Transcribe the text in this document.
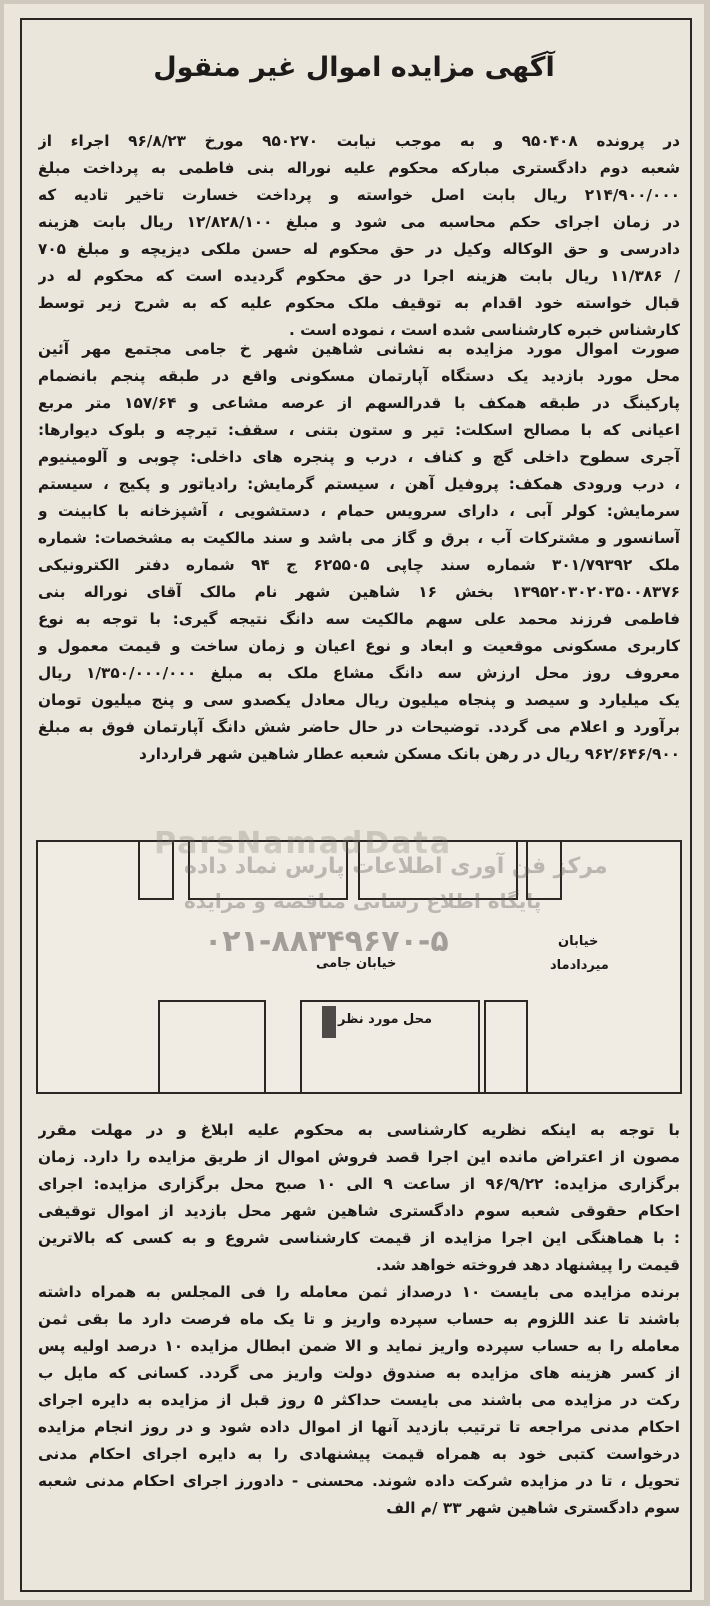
آگهی مزایده اموال غیر منقول
در پرونده ۹۵۰۴۰۸ و به موجب نیابت ۹۵۰۲۷۰ مورخ ۹۶/۸/۲۳ اجراء از
شعبه دوم دادگستری مبارکه محکوم علیه نوراله بنی فاطمی به پرداخت مبلغ
۲۱۴/۹۰۰/۰۰۰ ریال بابت اصل خواسته و پرداخت خسارت تاخیر تادیه که
در زمان اجرای حکم محاسبه می شود و مبلغ ۱۲/۸۲۸/۱۰۰ ریال بابت هزینه
دادرسی و حق الوکاله وکیل در حق محکوم له حسن ملکی دیزیچه و مبلغ ۷۰۵
/ ۱۱/۳۸۶ ریال بابت هزینه اجرا در حق محکوم گردیده است که محکوم له در
قبال خواسته خود اقدام به توقیف ملک محکوم علیه که به شرح زیر توسط
کارشناس خبره کارشناسی شده است ، نموده است .
صورت اموال مورد مزایده به نشانی شاهین شهر خ جامی مجتمع مهر آئین
محل مورد بازدید یک دستگاه آپارتمان مسکونی واقع در طبقه پنجم بانضمام
پارکینگ در طبقه همکف با قدرالسهم از عرصه مشاعی و ۱۵۷/۶۴ متر مربع
اعیانی که با مصالح اسکلت: تیر و ستون بتنی ، سقف: تیرچه و بلوک دیوارها:
آجری سطوح داخلی گچ و کناف ، درب و پنجره های داخلی: چوبی و آلومینیوم
، درب ورودی همکف: پروفیل آهن ، سیستم گرمایش: رادیاتور و پکیج ، سیستم
سرمایش: کولر آبی ، دارای سرویس حمام ، دستشویی ، آشپزخانه با کابینت و
آسانسور و مشترکات آب ، برق و گاز می باشد و سند مالکیت به مشخصات: شماره
ملک ۳۰۱/۷۹۳۹۲ شماره سند چاپی ۶۲۵۵۰۵ ج ۹۴ شماره دفتر الکترونیکی
۱۳۹۵۲۰۳۰۲۰۳۵۰۰۸۳۷۶ بخش ۱۶ شاهین شهر نام مالک آقای نوراله بنی
فاطمی فرزند محمد علی سهم مالکیت سه دانگ نتیجه گیری: با توجه به نوع
کاربری مسکونی موقعیت و ابعاد و نوع اعیان و زمان ساخت و قیمت معمول و
معروف روز محل ارزش سه دانگ مشاع ملک به مبلغ ۱/۳۵۰/۰۰۰/۰۰۰ ریال
یک میلیارد و سیصد و پنجاه میلیون ریال معادل یکصدو سی و پنج میلیون تومان
برآورد و اعلام می گردد. توضیحات در حال حاضر شش دانگ آپارتمان فوق به مبلغ
۹۶۲/۶۴۶/۹۰۰ ریال در رهن بانک مسکن شعبه عطار شاهین شهر قراردارد
محل مورد نظر
خیابان جامی
خیابان
میردادماد
ParsNamadData
مرکز فن آوری اطلاعات پارس نماد داده
پایگاه اطلاع رسانی مناقصه و مزایده
۰۲۱-۸۸۳۴۹۶۷۰-۵
با توجه به اینکه نظریه کارشناسی به محکوم علیه ابلاغ و در مهلت مقرر
مصون از اعتراض مانده این اجرا قصد فروش اموال از طریق مزایده را دارد. زمان
برگزاری مزایده: ۹۶/۹/۲۲ از ساعت ۹ الی ۱۰ صبح محل برگزاری مزایده: اجرای
احکام حقوقی شعبه سوم دادگستری شاهین شهر محل بازدید از اموال توقیفی
: با هماهنگی این اجرا مزایده از قیمت کارشناسی شروع و به کسی که بالاترین
قیمت را پیشنهاد دهد فروخته خواهد شد.
برنده مزایده می بایست ۱۰ درصداز ثمن معامله را فی المجلس به همراه داشته
باشند تا عند اللزوم به حساب سپرده واریز و تا یک ماه فرصت دارد ما بقی ثمن
معامله را به حساب سپرده واریز نماید و الا ضمن ابطال مزایده ۱۰ درصد اولیه پس
از کسر هزینه های مزایده به صندوق دولت واریز می گردد. کسانی که مایل ب
رکت در مزایده می باشند می بایست حداکثر ۵ روز قبل از مزایده به دایره اجرای
احکام مدنی مراجعه تا ترتیب بازدید آنها از اموال داده شود و در روز انجام مزایده
درخواست کتبی خود به همراه قیمت پیشنهادی را به دایره اجرای احکام مدنی
تحویل ، تا در مزایده شرکت داده شوند. محسنی - دادورز اجرای احکام مدنی شعبه
سوم دادگستری شاهین شهر ۳۳ /م الف
